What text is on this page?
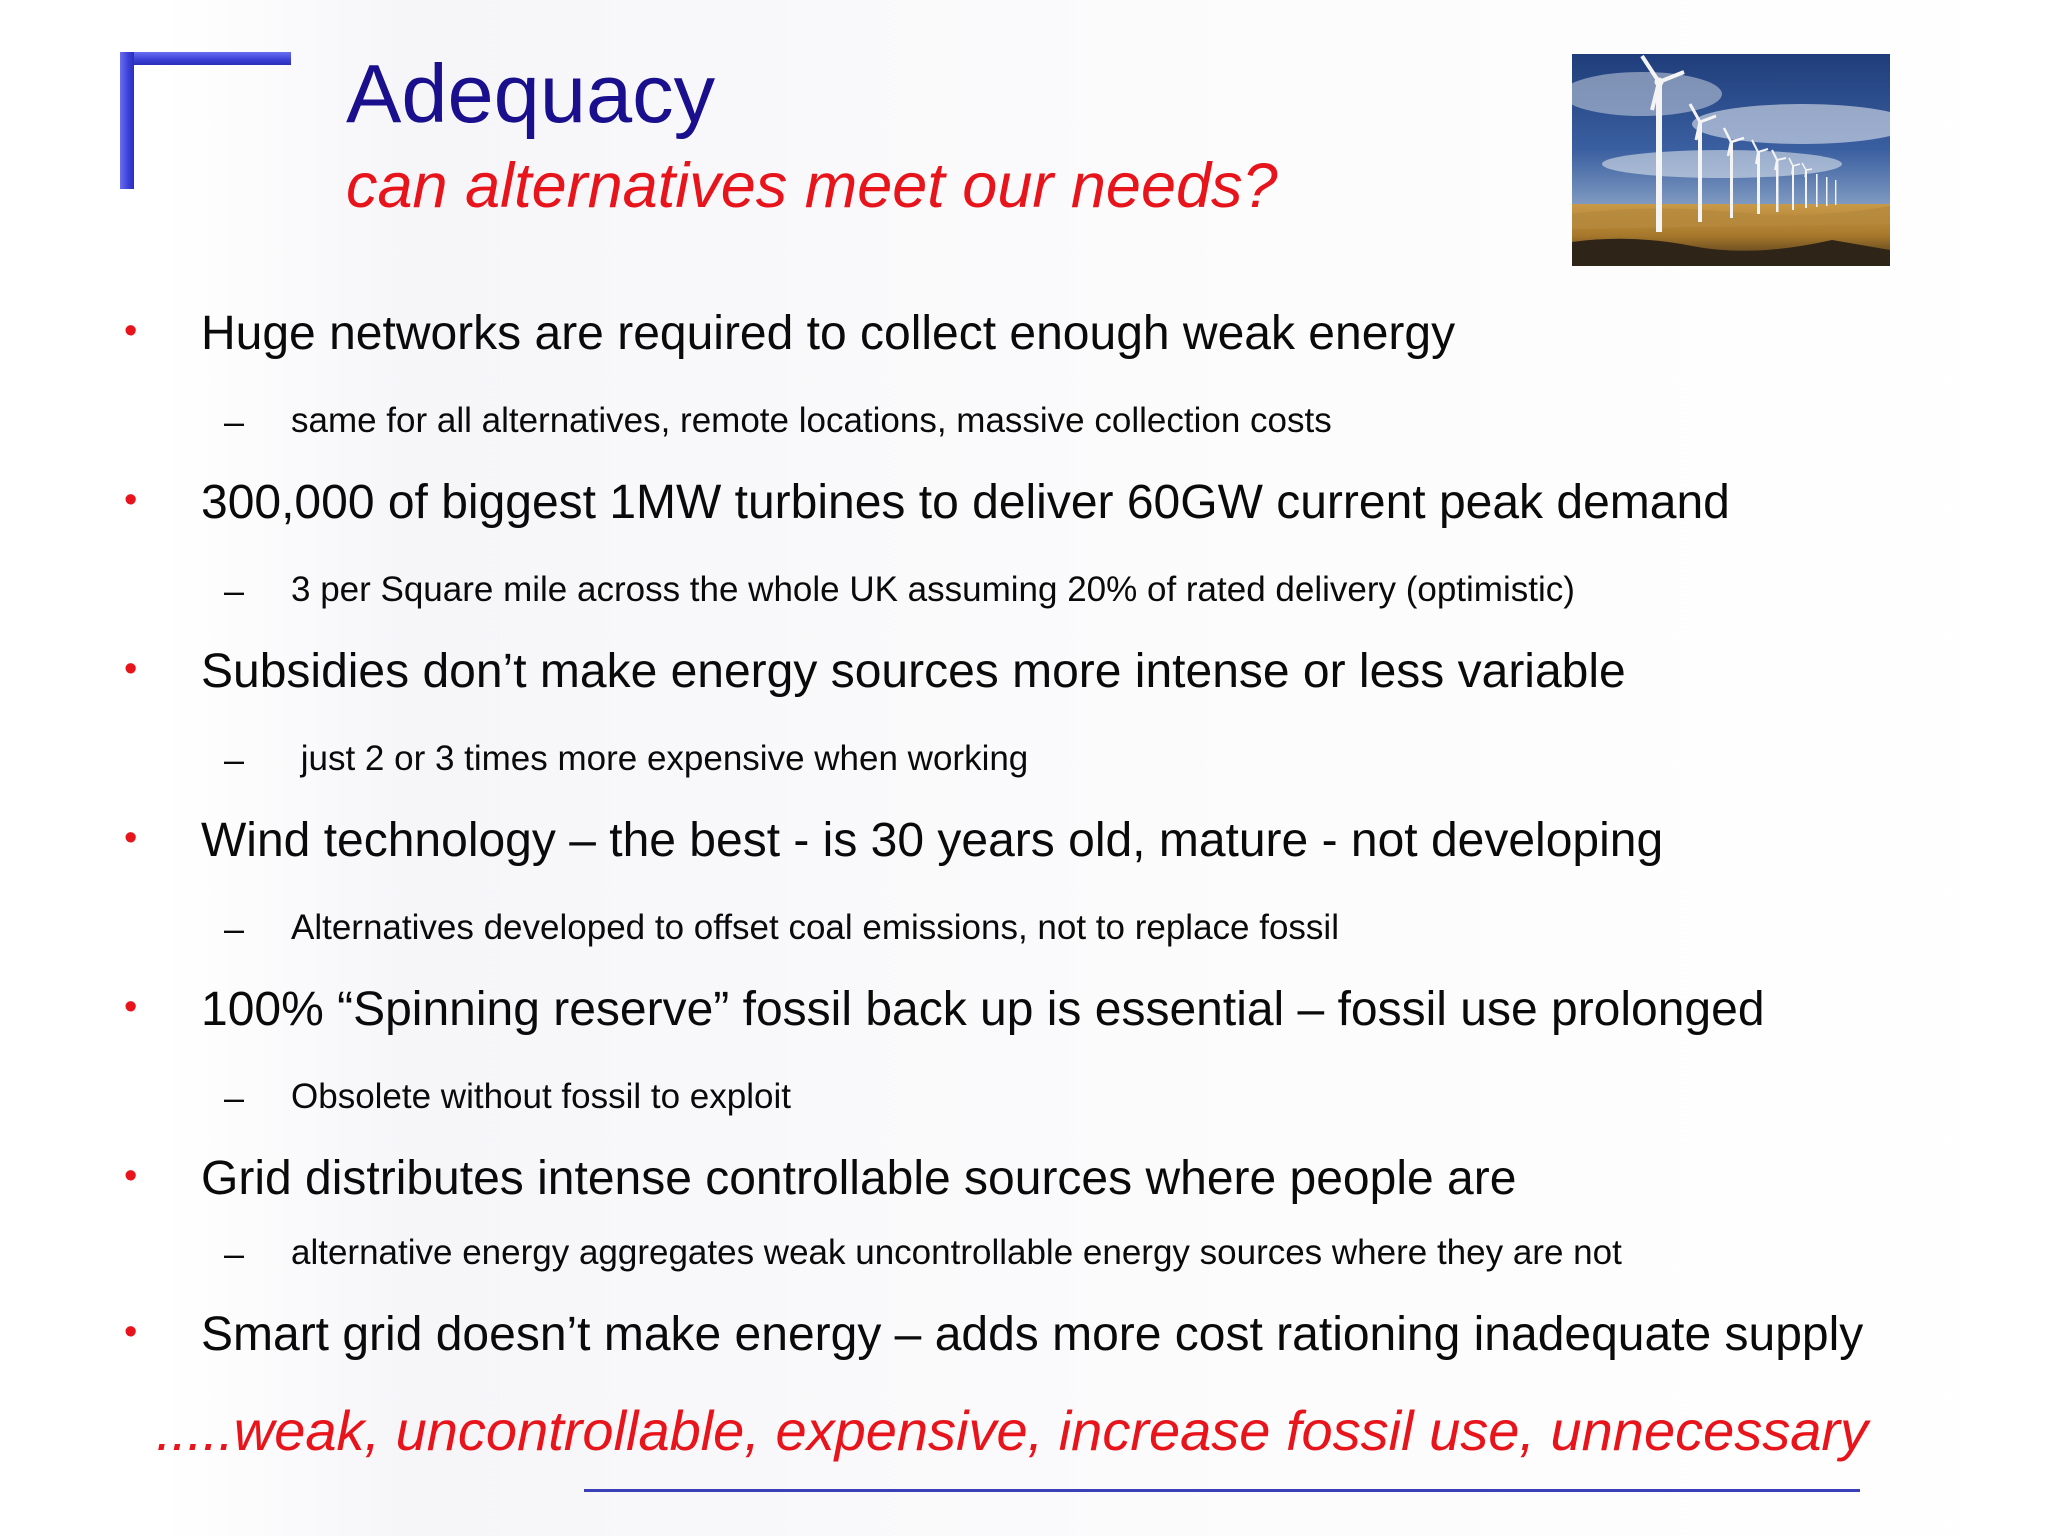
Adequacy
can alternatives meet our needs?
• Huge networks are required to collect enough weak energy
– same for all alternatives, remote locations, massive collection costs
• 300,000 of biggest 1MW turbines to deliver 60GW current peak demand
– 3 per Square mile across the whole UK assuming 20% of rated delivery (optimistic)
• Subsidies don’t make energy sources more intense or less variable
– just 2 or 3 times more expensive when working
• Wind technology – the best - is 30 years old, mature - not developing
– Alternatives developed to offset coal emissions, not to replace fossil
• 100% “Spinning reserve” fossil back up is essential – fossil use prolonged
– Obsolete without fossil to exploit
• Grid distributes intense controllable sources where people are
– alternative energy aggregates weak uncontrollable energy sources where they are not
• Smart grid doesn’t make energy – adds more cost rationing inadequate supply
.....weak, uncontrollable, expensive, increase fossil use, unnecessary
